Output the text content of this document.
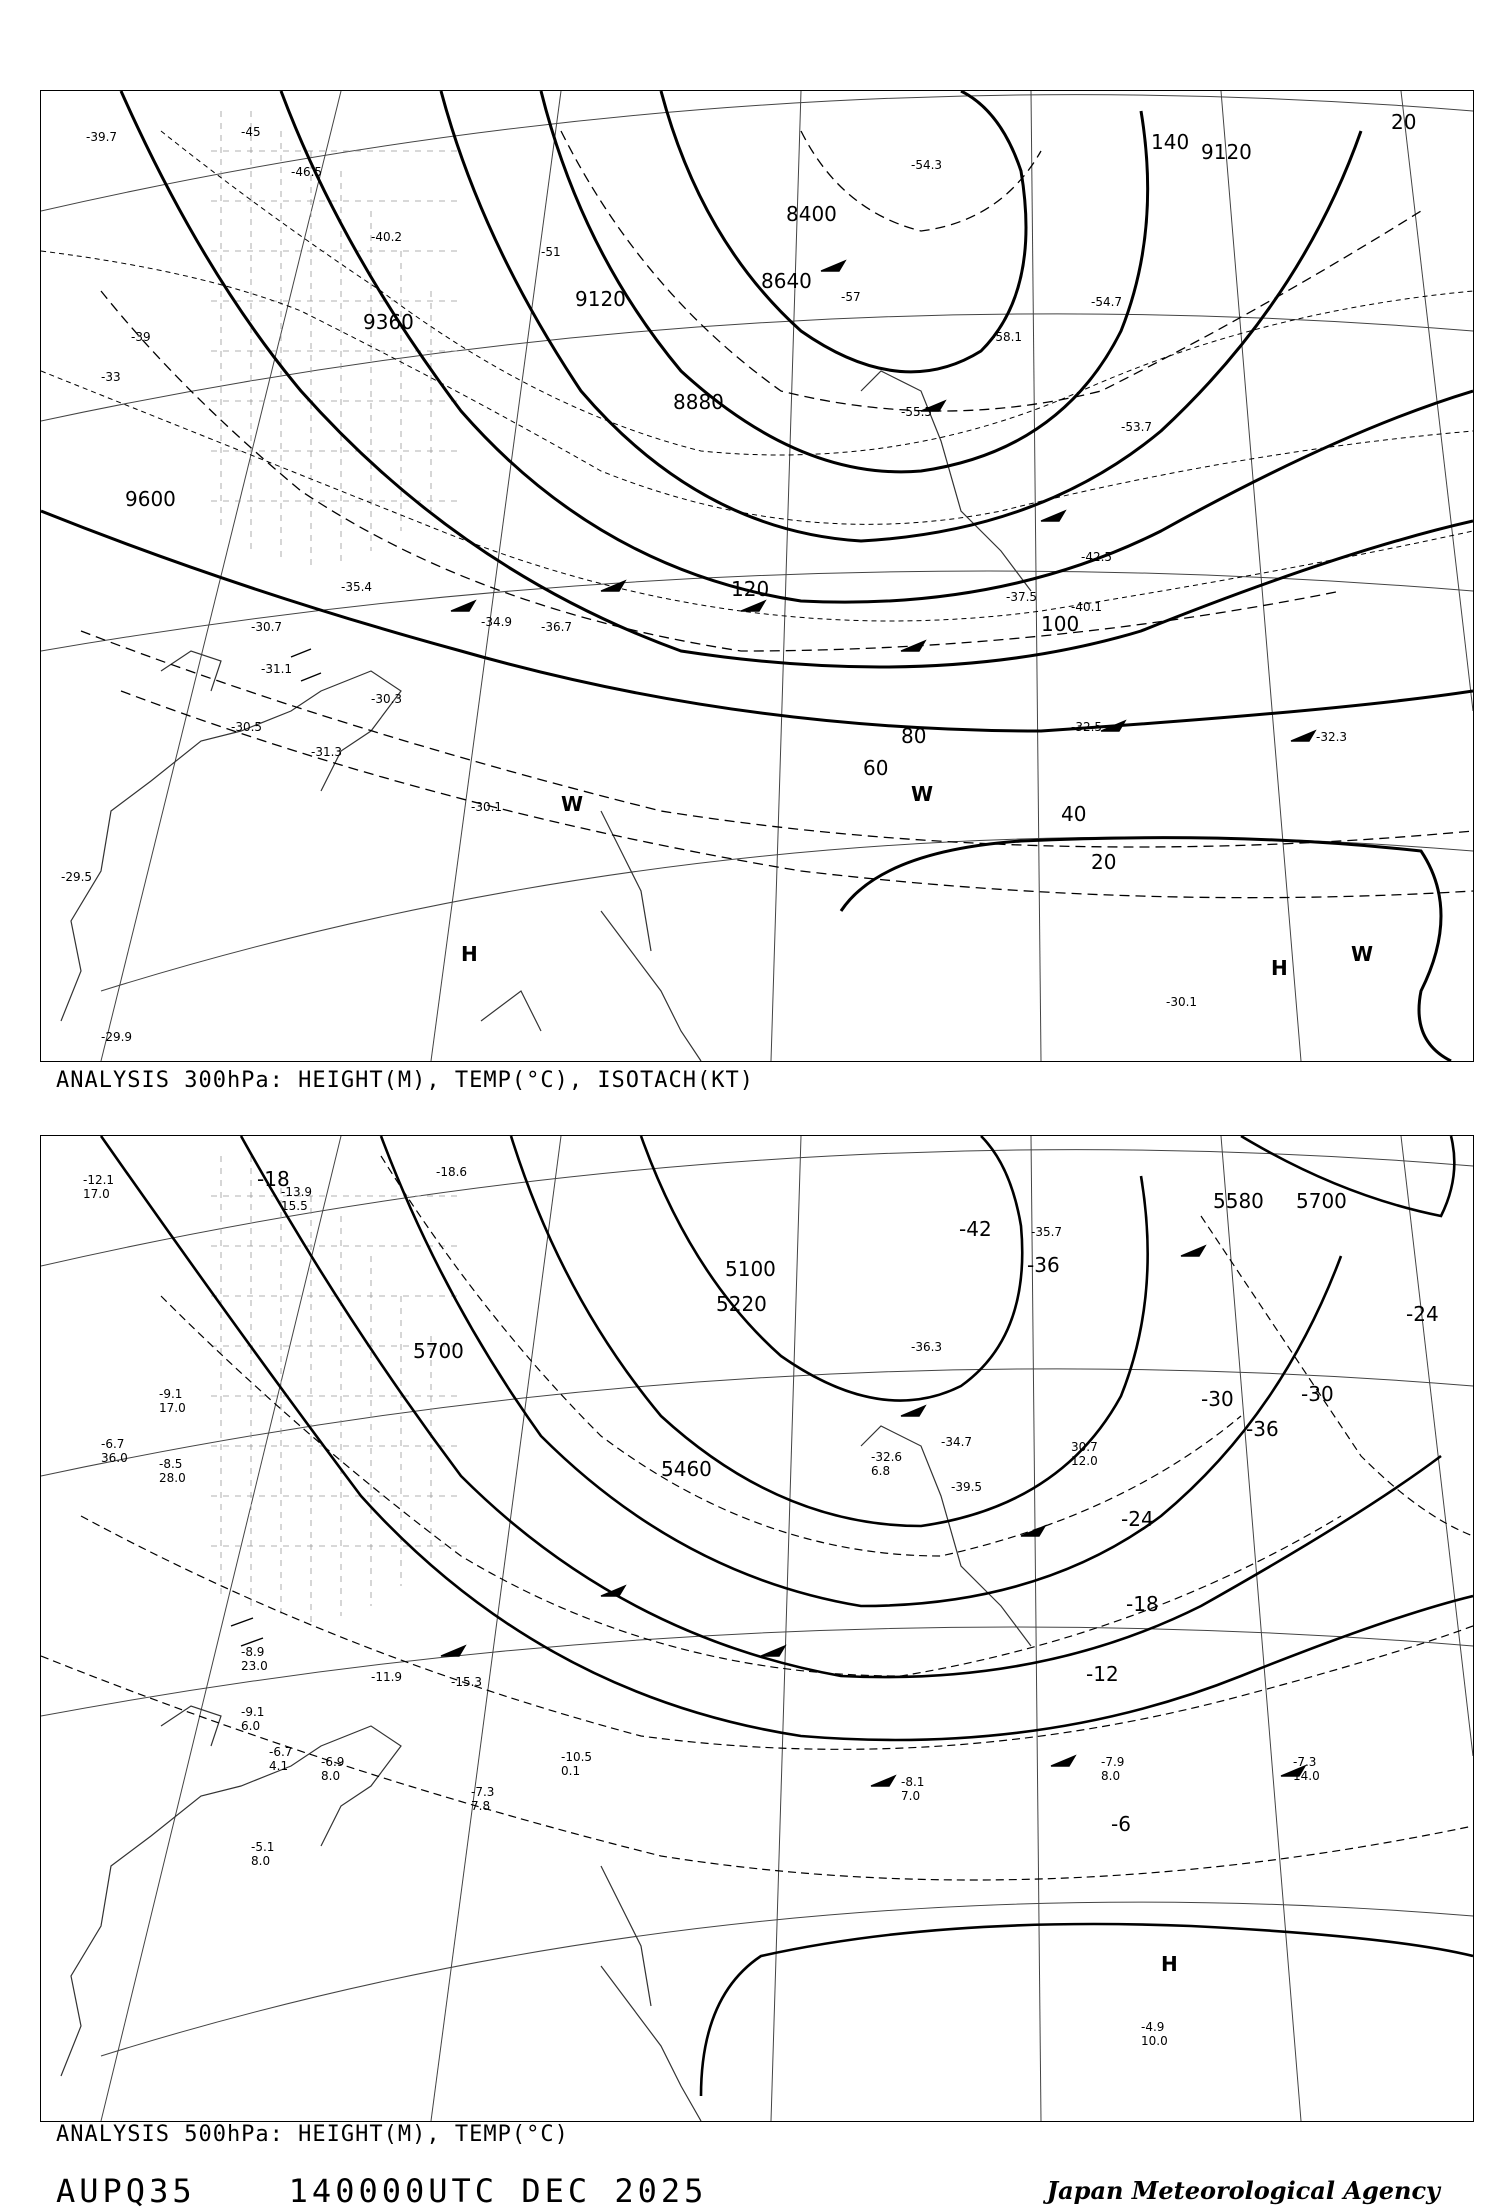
9600
9360
9120
8880
8640
8400
9120
20
40
60
80
100
120
140
20
-39.7	-45
-51
-57
-33
-39
-30.7
-31.1
-30.3
-30.5
-31.3
-30.1
-32.5
-32.3
-30.1
-29.9
-29.5
-40.2
-46.5	-54.3
-55.5
-58.1
-54.7
-53.7
-37.5
-40.1
-42.5
-34.9 -36.7
-35.4
H
H
W	W
W
ANALYSIS 300hPa: HEIGHT(M), TEMP(°C), ISOTACH(KT)
5700
5700
5580
5460
5100
5220
-18
-24
-30
-36
-42
-36
-30
-24
-18
-12
-6
-12.1
17.0
-9.1
17.0
-8.5
28.0
-6.7
36.0
-13.9
15.5
-18.6
-15.3
-11.9
-10.5
0.1
-9.1
6.0
-8.9
23.0
-6.7
4.1	-6.9
8.0
-7.3
7.8
-5.1
8.0
-7.3
14.0
-7.9
8.0
-8.1
7.0
-4.9
10.0
-35.7
-36.3
-34.7
-32.6
6.8
-39.5
30.7
12.0
H
ANALYSIS 500hPa: HEIGHT(M), TEMP(°C)
AUPQ35	140000UTC DEC 2025	Japan Meteorological Agency
